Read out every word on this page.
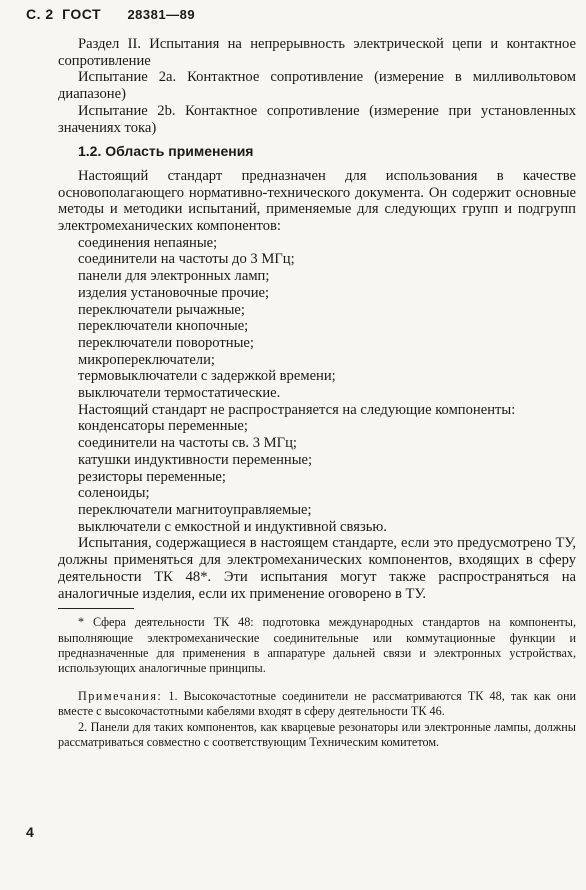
С. 2 ГОСТ 28381—89

Раздел II. Испытания на непрерывность электрической цепи и контактное сопротивление

Испытание 2a. Контактное сопротивление (измерение в милливольтовом диапазоне)

Испытание 2b. Контактное сопротивление (измерение при установленных значениях тока)

1.2. Область применения

Настоящий стандарт предназначен для использования в качестве основополагающего нормативно-технического документа. Он содержит основные методы и методики испытаний, применяемые для следующих групп и подгрупп электромеханических компонентов:

соединения непаяные;
соединители на частоты до 3 МГц;
панели для электронных ламп;
изделия установочные прочие;
переключатели рычажные;
переключатели кнопочные;
переключатели поворотные;
микропереключатели;
термовыключатели с задержкой времени;
выключатели термостатические.

Настоящий стандарт не распространяется на следующие компоненты:

конденсаторы переменные;
соединители на частоты св. 3 МГц;
катушки индуктивности переменные;
резисторы переменные;
соленоиды;
переключатели магнитоуправляемые;
выключатели с емкостной и индуктивной связью.

Испытания, содержащиеся в настоящем стандарте, если это предусмотрено ТУ, должны применяться для электромеханических компонентов, входящих в сферу деятельности ТК 48*. Эти испытания могут также распространяться на аналогичные изделия, если их применение оговорено в ТУ.

* Сфера деятельности ТК 48: подготовка международных стандартов на компоненты, выполняющие электромеханические соединительные или коммутационные функции и предназначенные для применения в аппаратуре дальней связи и электронных устройствах, использующих аналогичные принципы.

Примечания: 1. Высокочастотные соединители не рассматриваются ТК 48, так как они вместе с высокочастотными кабелями входят в сферу деятельности ТК 46.

2. Панели для таких компонентов, как кварцевые резонаторы или электронные лампы, должны рассматриваться совместно с соответствующим Техническим комитетом.

4
